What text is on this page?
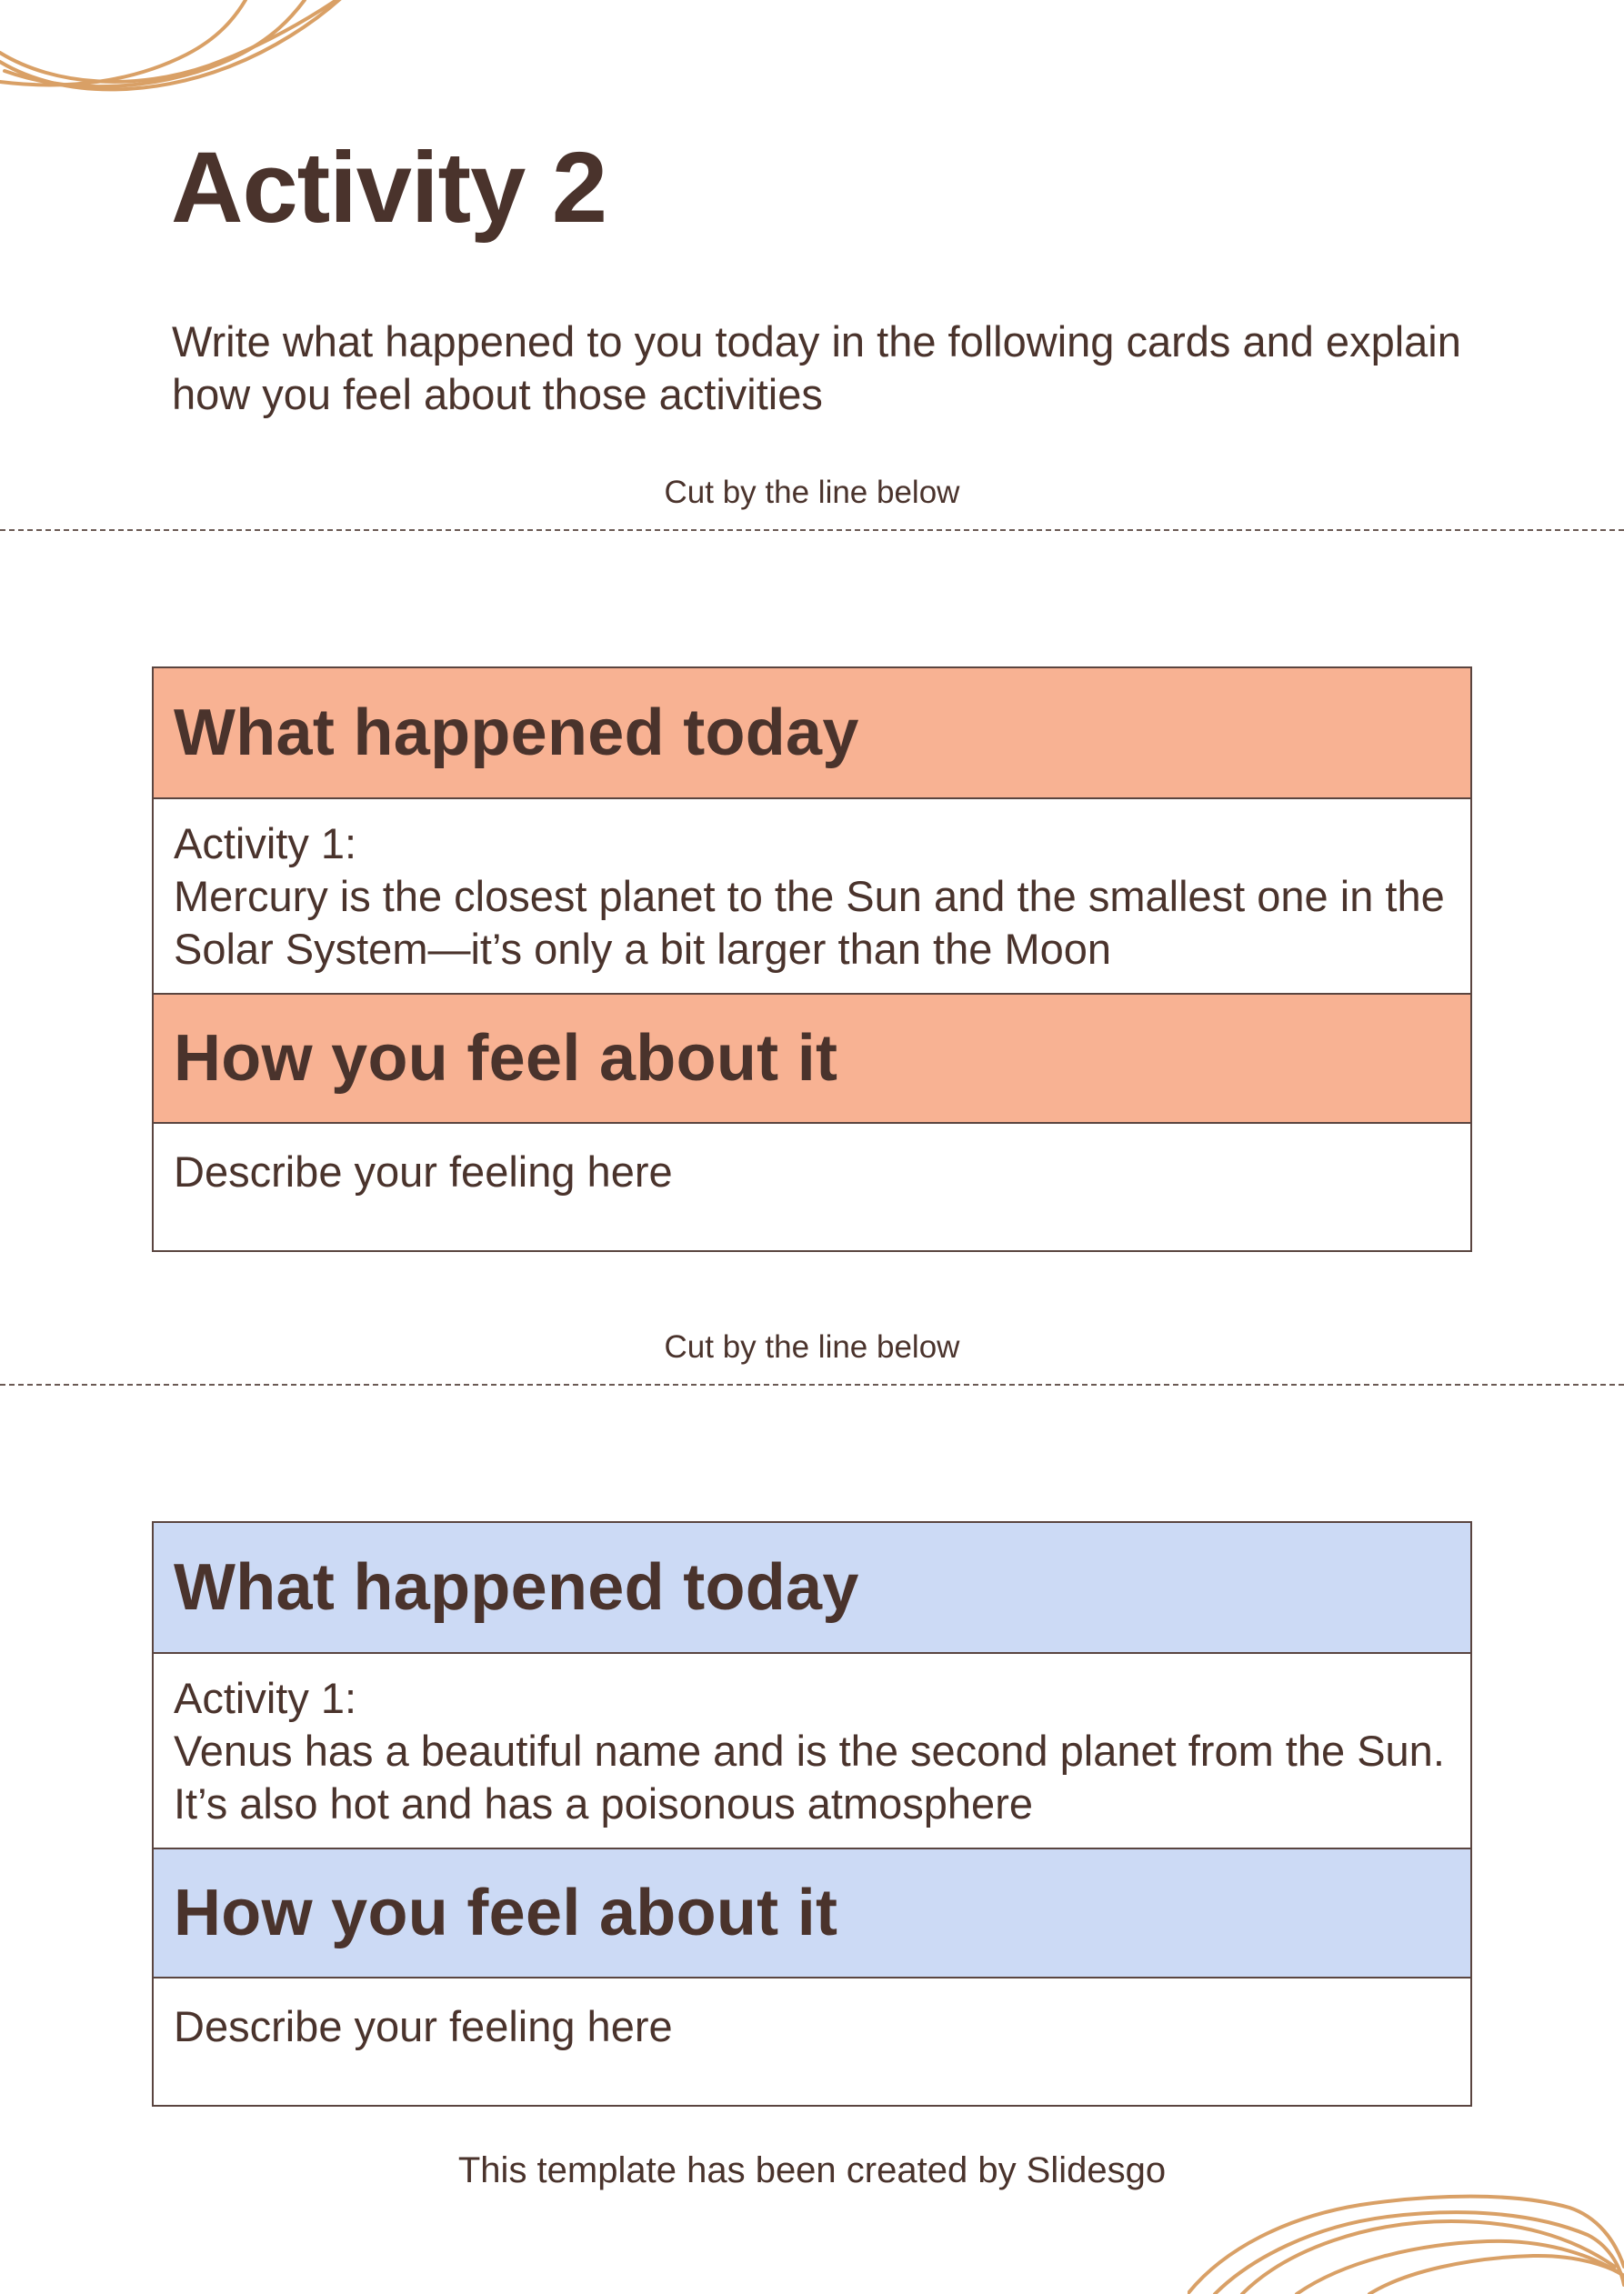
Activity 2

Write what happened to you today in the following cards and explain how you feel about those activities

Cut by the line below
What happened today
Activity 1:
Mercury is the closest planet to the Sun and the smallest one in the Solar System—it’s only a bit larger than the Moon
How you feel about it
Describe your feeling here
Cut by the line below
What happened today
Activity 1:
Venus has a beautiful name and is the second planet from the Sun. It’s also hot and has a poisonous atmosphere
How you feel about it
Describe your feeling here
This template has been created by Slidesgo
